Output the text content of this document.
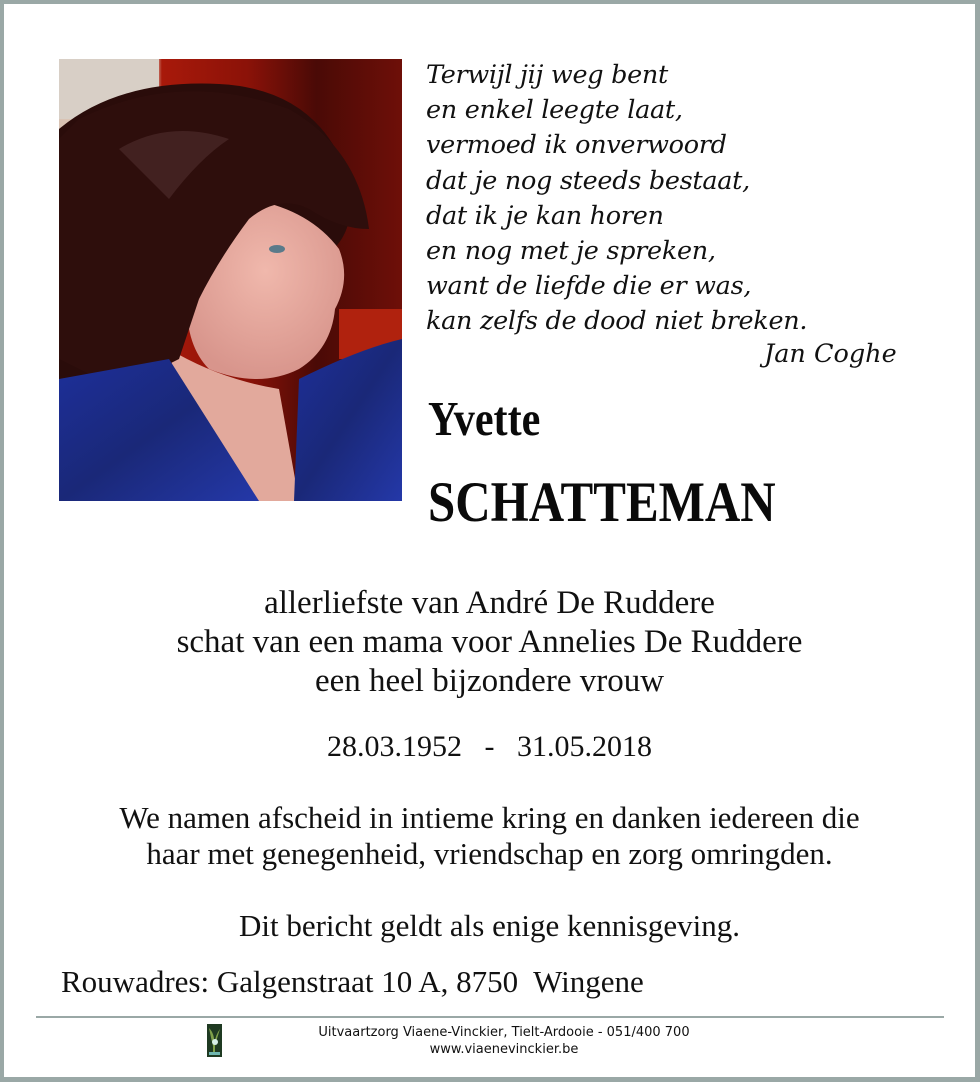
Terwijl jij weg bent
en enkel leegte laat,
vermoed ik onverwoord
dat je nog steeds bestaat,
dat ik je kan horen
en nog met je spreken,
want de liefde die er was,
kan zelfs de dood niet breken.
Jan Coghe
Yvette
SCHATTEMAN
allerliefste van André De Ruddere
schat van een mama voor Annelies De Ruddere
een heel bijzondere vrouw
28.03.1952   -   31.05.2018
We namen afscheid in intieme kring en danken iedereen die
haar met genegenheid, vriendschap en zorg omringden.
Dit bericht geldt als enige kennisgeving.
Rouwadres: Galgenstraat 10 A, 8750  Wingene
Uitvaartzorg Viaene-Vinckier, Tielt-Ardooie - 051/400 700
www.viaenevinckier.be
